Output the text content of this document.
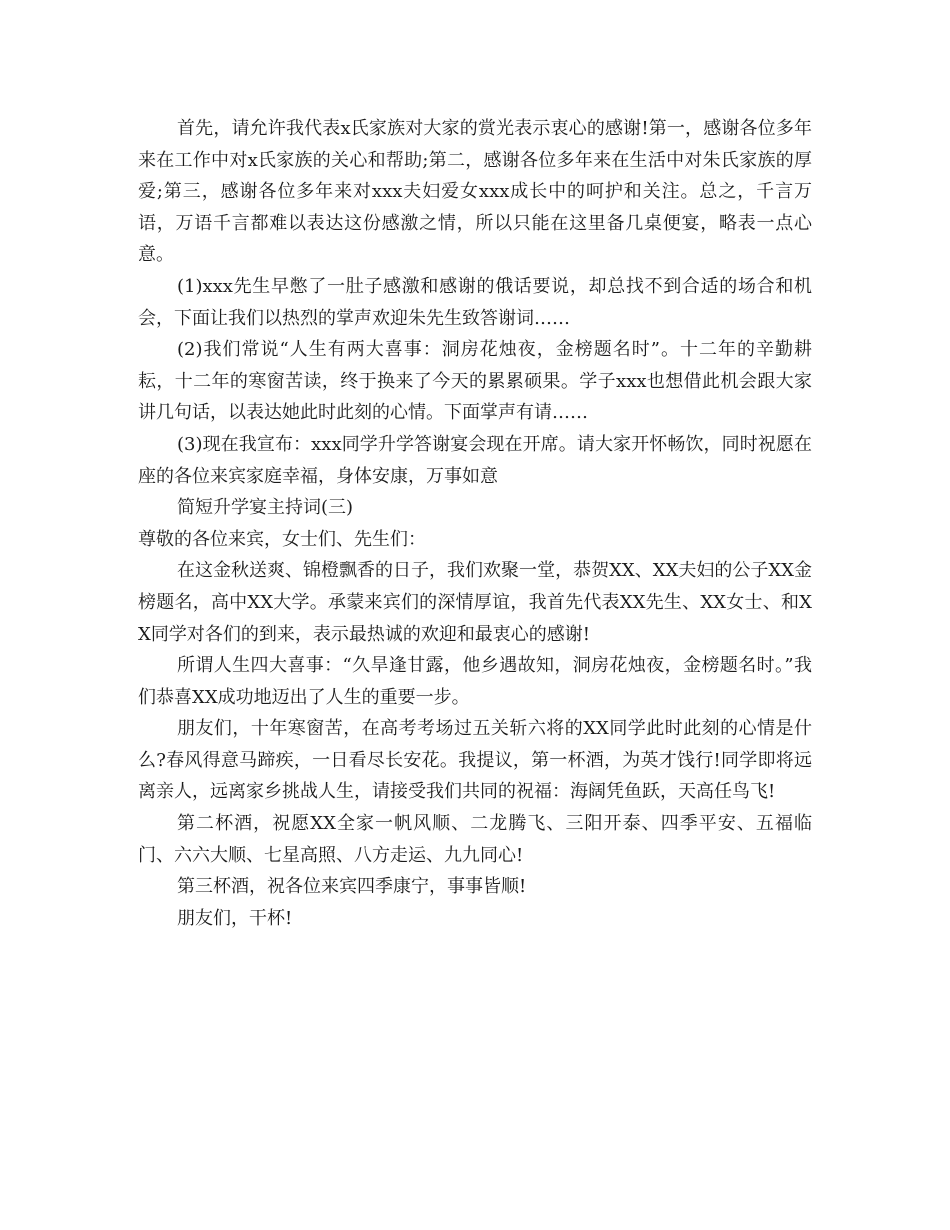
首先，请允许我代表x氏家族对大家的赏光表示衷心的感谢!第一，感谢各位多年来在工作中对x氏家族的关心和帮助;第二，感谢各位多年来在生活中对朱氏家族的厚爱;第三，感谢各位多年来对xxx夫妇爱女xxx成长中的呵护和关注。总之，千言万语，万语千言都难以表达这份感激之情，所以只能在这里备几桌便宴，略表一点心意。

(1)xxx先生早憋了一肚子感激和感谢的俄话要说，却总找不到合适的场合和机会，下面让我们以热烈的掌声欢迎朱先生致答谢词……

(2)我们常说“人生有两大喜事：洞房花烛夜，金榜题名时”。十二年的辛勤耕耘，十二年的寒窗苦读，终于换来了今天的累累硕果。学子xxx也想借此机会跟大家讲几句话，以表达她此时此刻的心情。下面掌声有请……

(3)现在我宣布：xxx同学升学答谢宴会现在开席。请大家开怀畅饮，同时祝愿在座的各位来宾家庭幸福，身体安康，万事如意

简短升学宴主持词(三)

尊敬的各位来宾，女士们、先生们：

在这金秋送爽、锦橙飘香的日子，我们欢聚一堂，恭贺XX、XX夫妇的公子XX金榜题名，高中XX大学。承蒙来宾们的深情厚谊，我首先代表XX先生、XX女士、和XX同学对各们的到来，表示最热诚的欢迎和最衷心的感谢!

所谓人生四大喜事：“久旱逢甘露，他乡遇故知，洞房花烛夜，金榜题名时。”我们恭喜XX成功地迈出了人生的重要一步。

朋友们，十年寒窗苦，在高考考场过五关斩六将的XX同学此时此刻的心情是什么?春风得意马蹄疾，一日看尽长安花。我提议，第一杯酒，为英才饯行!同学即将远离亲人，远离家乡挑战人生，请接受我们共同的祝福：海阔凭鱼跃，天高任鸟飞!

第二杯酒，祝愿XX全家一帆风顺、二龙腾飞、三阳开泰、四季平安、五福临门、六六大顺、七星高照、八方走运、九九同心!

第三杯酒，祝各位来宾四季康宁，事事皆顺!

朋友们，干杯!
